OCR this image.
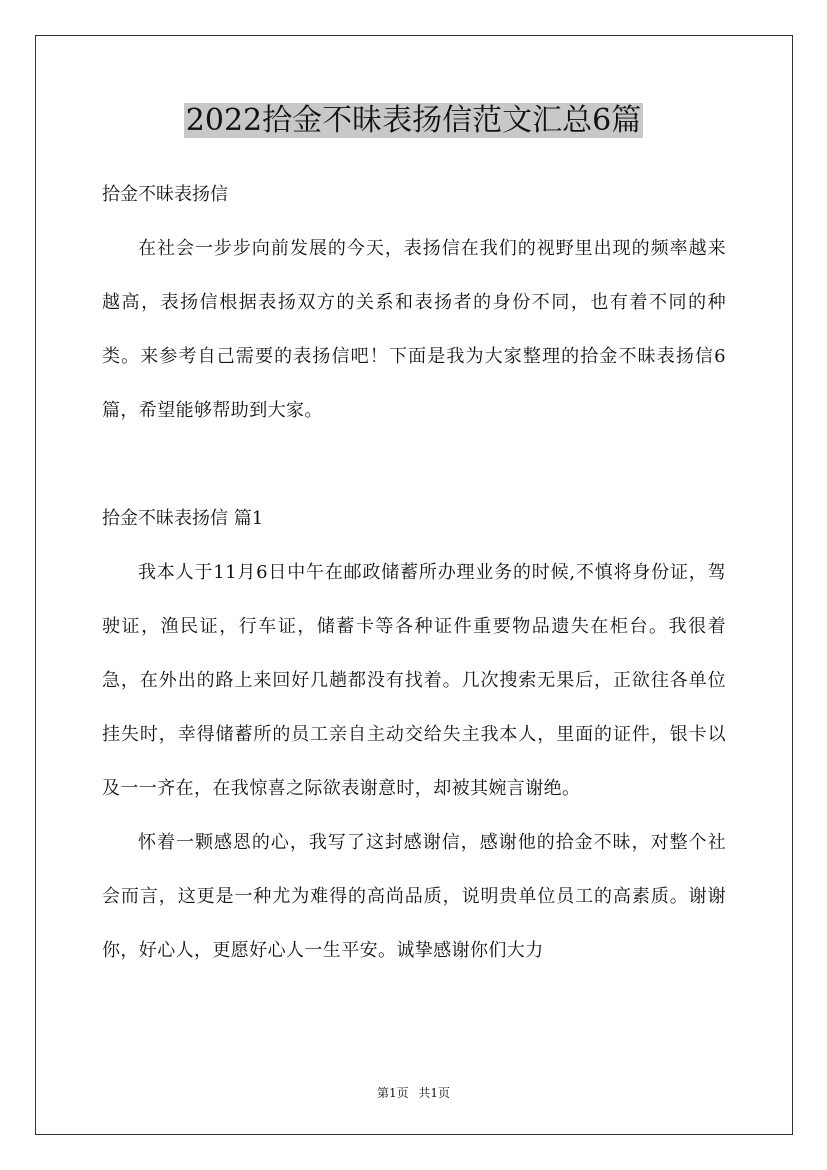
2022拾金不昧表扬信范文汇总6篇

拾金不昧表扬信

在社会一步步向前发展的今天，表扬信在我们的视野里出现的频率越来越高，表扬信根据表扬双方的关系和表扬者的身份不同，也有着不同的种类。来参考自己需要的表扬信吧！下面是我为大家整理的拾金不昧表扬信6篇，希望能够帮助到大家。

拾金不昧表扬信 篇1

我本人于11月6日中午在邮政储蓄所办理业务的时候,不慎将身份证，驾驶证，渔民证，行车证，储蓄卡等各种证件重要物品遗失在柜台。我很着急，在外出的路上来回好几趟都没有找着。几次搜索无果后，正欲往各单位挂失时，幸得储蓄所的员工亲自主动交给失主我本人，里面的证件，银卡以及一一齐在，在我惊喜之际欲表谢意时，却被其婉言谢绝。

怀着一颗感恩的心，我写了这封感谢信，感谢他的拾金不昧，对整个社会而言，这更是一种尤为难得的高尚品质，说明贵单位员工的高素质。谢谢你，好心人，更愿好心人一生平安。诚挚感谢你们大力

第1页 共1页
